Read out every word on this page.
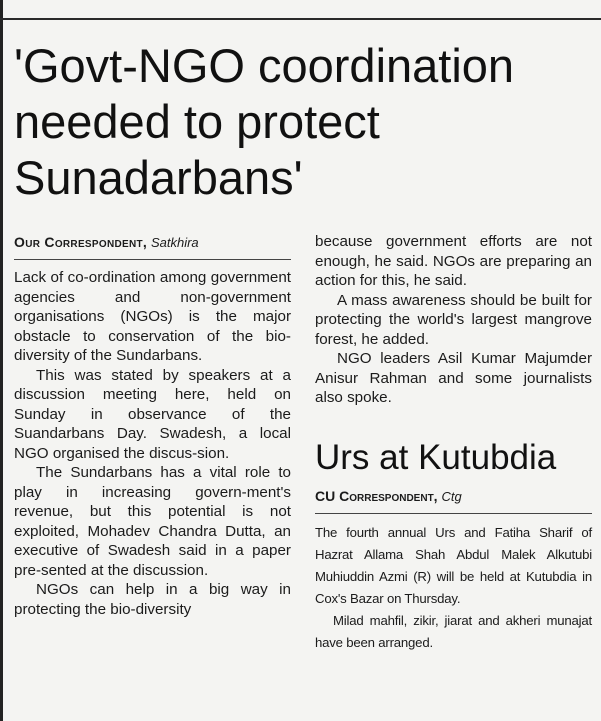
'Govt-NGO coordination needed to protect Sunadarbans'
Our Correspondent, Satkhira

Lack of co-ordination among government agencies and non-government organisations (NGOs) is the major obstacle to conservation of the bio-diversity of the Sundarbans.

This was stated by speakers at a discussion meeting here, held on Sunday in observance of the Suandarbans Day. Swadesh, a local NGO organised the discus-sion.

The Sundarbans has a vital role to play in increasing govern-ment's revenue, but this potential is not exploited, Mohadev Chandra Dutta, an executive of Swadesh said in a paper pre-sented at the discussion.

NGOs can help in a big way in protecting the bio-diversity

because government efforts are not enough, he said. NGOs are preparing an action for this, he said.

A mass awareness should be built for protecting the world's largest mangrove forest, he added.

NGO leaders Asil Kumar Majumder Anisur Rahman and some journalists also spoke.

Urs at Kutubdia
CU Correspondent, Ctg

The fourth annual Urs and Fatiha Sharif of Hazrat Allama Shah Abdul Malek Alkutubi Muhiuddin Azmi (R) will be held at Kutubdia in Cox's Bazar on Thursday.

Milad mahfil, zikir, jiarat and akheri munajat have been arranged.
